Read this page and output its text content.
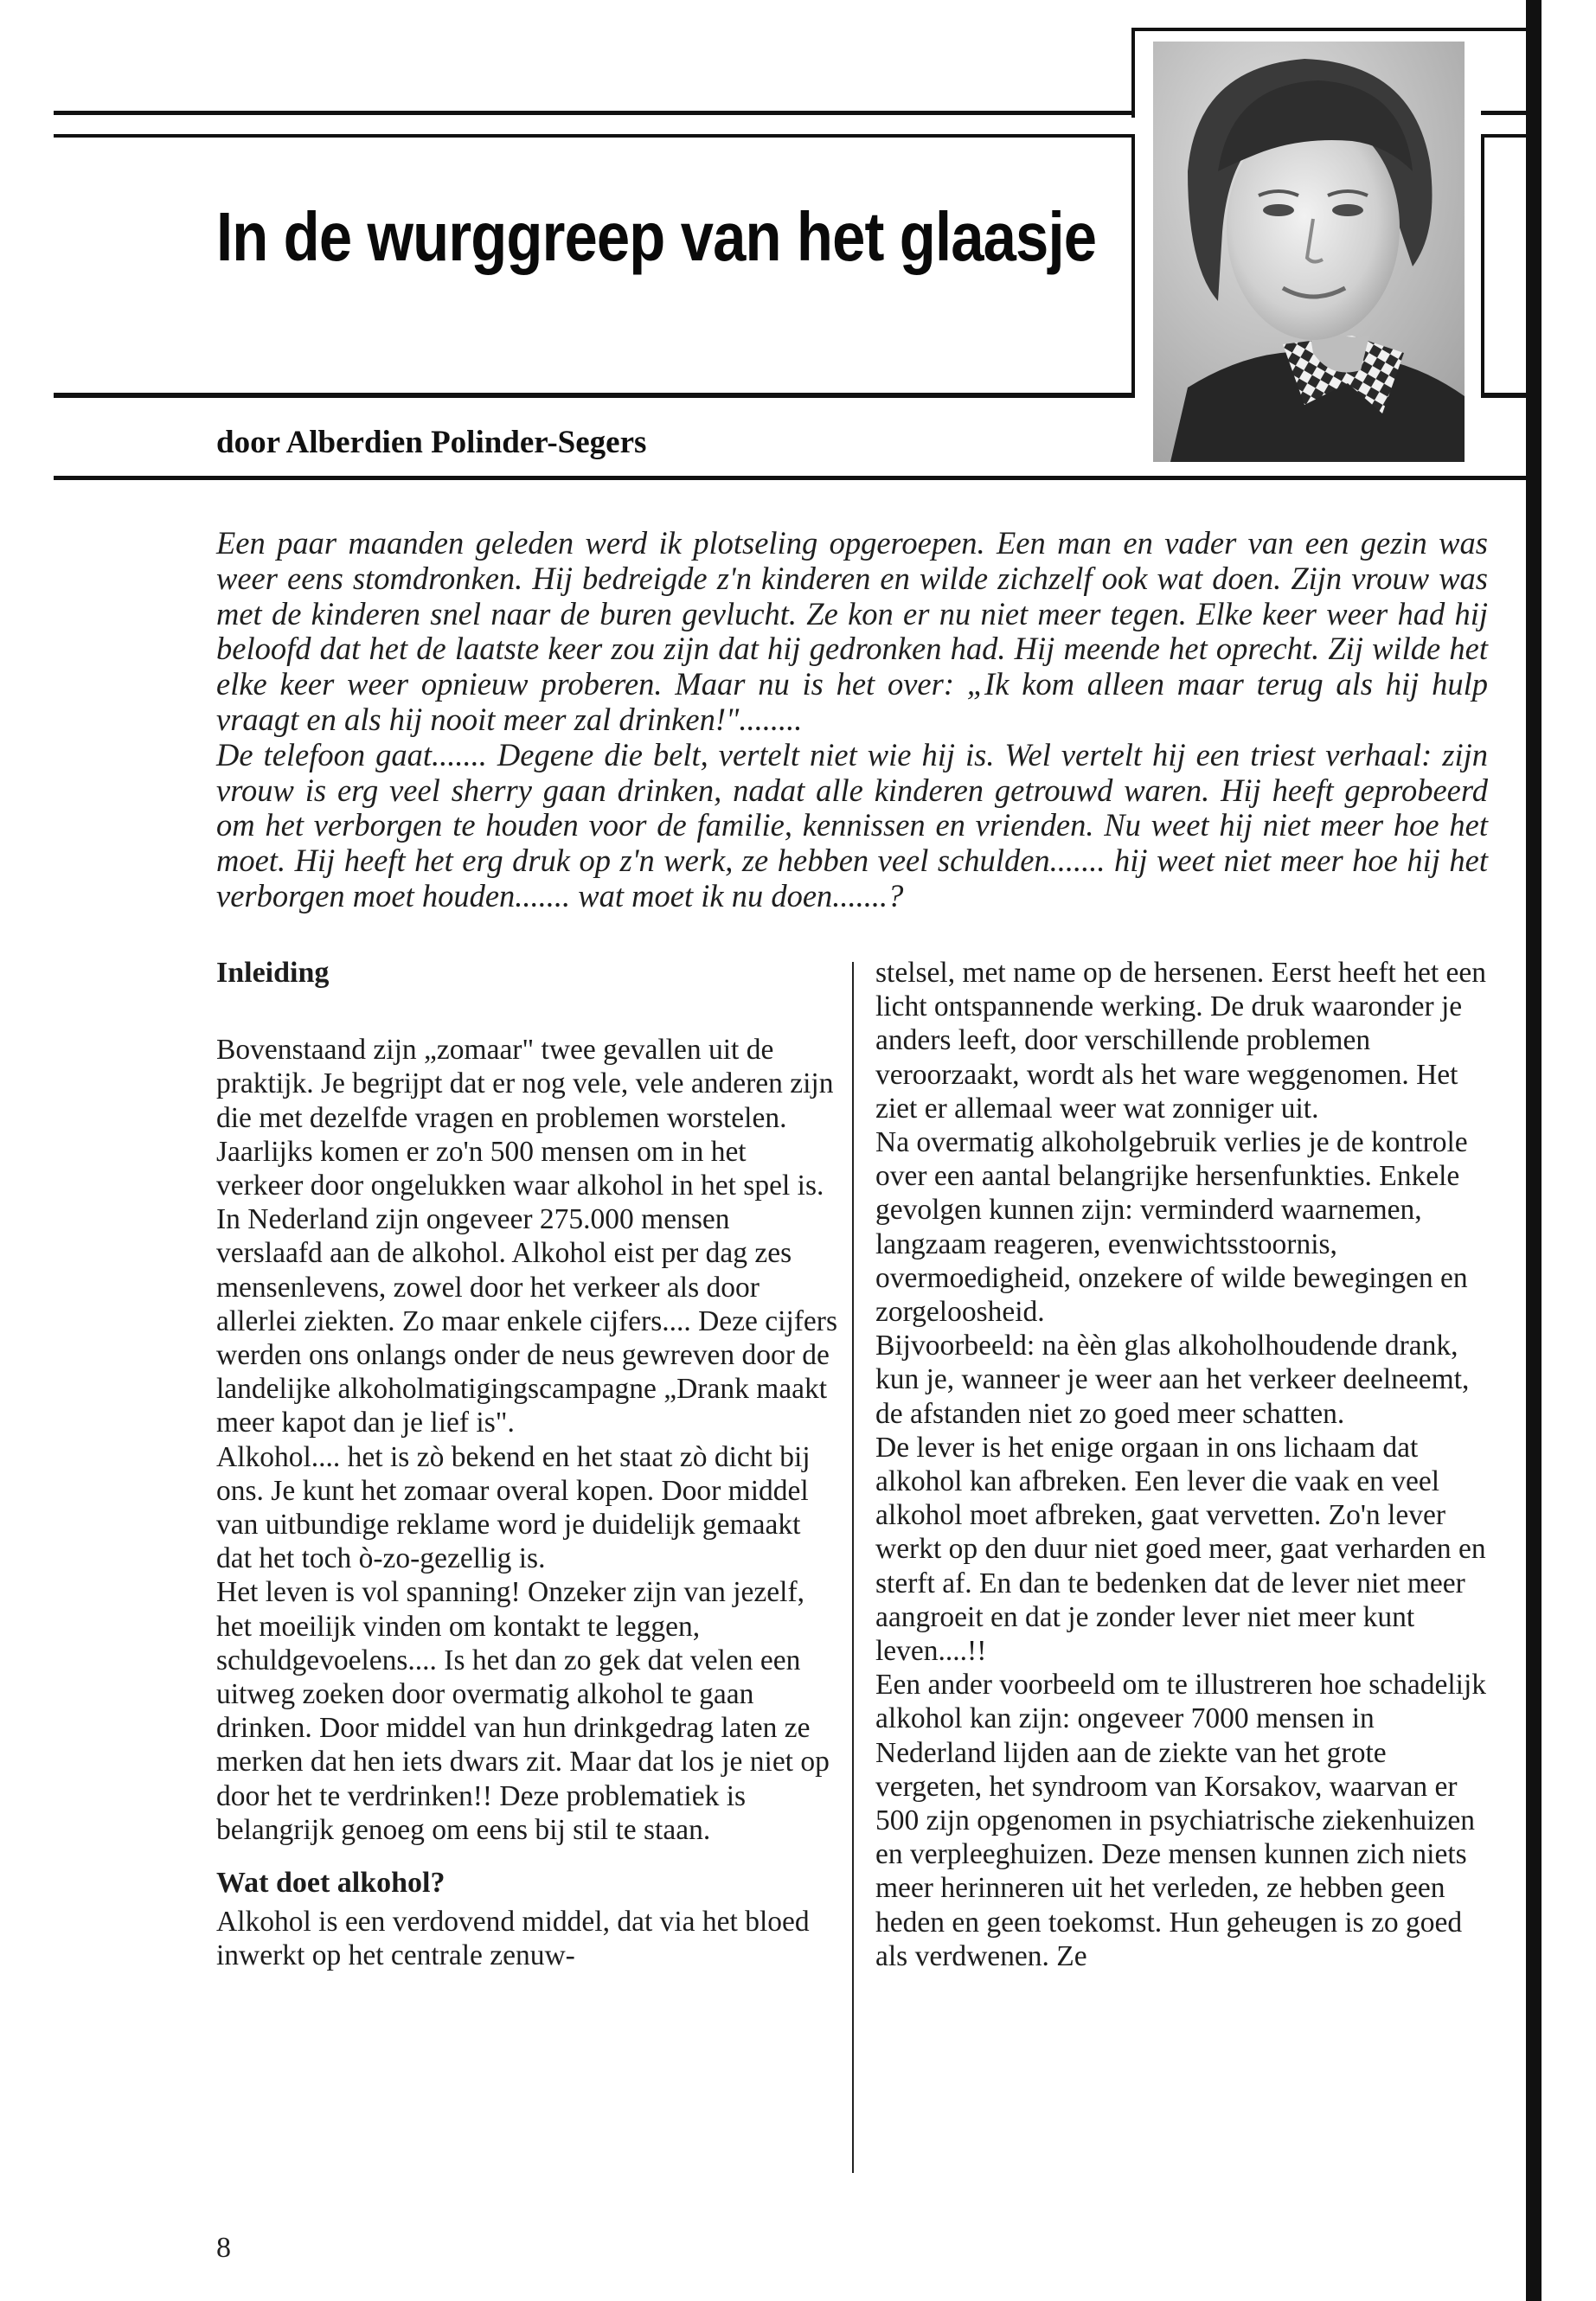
In de wurggreep van het glaasje
door Alberdien Polinder-Segers

Een paar maanden geleden werd ik plotseling opgeroepen. Een man en vader van een gezin was weer eens stomdronken. Hij bedreigde z'n kinderen en wilde zichzelf ook wat doen. Zijn vrouw was met de kinderen snel naar de buren gevlucht. Ze kon er nu niet meer tegen. Elke keer weer had hij beloofd dat het de laatste keer zou zijn dat hij gedronken had. Hij meende het oprecht. Zij wilde het elke keer weer opnieuw proberen. Maar nu is het over: „Ik kom alleen maar terug als hij hulp vraagt en als hij nooit meer zal drinken!"........

De telefoon gaat....... Degene die belt, vertelt niet wie hij is. Wel vertelt hij een triest verhaal: zijn vrouw is erg veel sherry gaan drinken, nadat alle kinderen getrouwd waren. Hij heeft geprobeerd om het verborgen te houden voor de familie, kennissen en vrienden. Nu weet hij niet meer hoe het moet. Hij heeft het erg druk op z'n werk, ze hebben veel schulden....... hij weet niet meer hoe hij het verborgen moet houden....... wat moet ik nu doen.......?

Inleiding

Bovenstaand zijn „zomaar" twee gevallen uit de praktijk. Je begrijpt dat er nog vele, vele anderen zijn die met dezelfde vragen en problemen worstelen. Jaarlijks komen er zo'n 500 mensen om in het verkeer door ongelukken waar alkohol in het spel is.

In Nederland zijn ongeveer 275.000 mensen verslaafd aan de alkohol. Alkohol eist per dag zes mensenlevens, zowel door het verkeer als door allerlei ziekten. Zo maar enkele cijfers.... Deze cijfers werden ons onlangs onder de neus gewreven door de landelijke alkoholmatigingscampagne „Drank maakt meer kapot dan je lief is".

Alkohol.... het is zò bekend en het staat zò dicht bij ons. Je kunt het zomaar overal kopen. Door middel van uitbundige reklame word je duidelijk gemaakt dat het toch ò-zo-gezellig is.

Het leven is vol spanning! Onzeker zijn van jezelf, het moeilijk vinden om kontakt te leggen, schuldgevoelens.... Is het dan zo gek dat velen een uitweg zoeken door overmatig alkohol te gaan drinken. Door middel van hun drinkgedrag laten ze merken dat hen iets dwars zit. Maar dat los je niet op door het te verdrinken!! Deze problematiek is belangrijk genoeg om eens bij stil te staan.

Wat doet alkohol?

Alkohol is een verdovend middel, dat via het bloed inwerkt op het centrale zenuw-

stelsel, met name op de hersenen. Eerst heeft het een licht ontspannende werking. De druk waaronder je anders leeft, door verschillende problemen veroorzaakt, wordt als het ware weggenomen. Het ziet er allemaal weer wat zonniger uit.

Na overmatig alkoholgebruik verlies je de kontrole over een aantal belangrijke hersenfunkties. Enkele gevolgen kunnen zijn: verminderd waarnemen, langzaam reageren, evenwichtsstoornis, overmoedigheid, onzekere of wilde bewegingen en zorgeloosheid.

Bijvoorbeeld: na èèn glas alkoholhoudende drank, kun je, wanneer je weer aan het verkeer deelneemt, de afstanden niet zo goed meer schatten.

De lever is het enige orgaan in ons lichaam dat alkohol kan afbreken. Een lever die vaak en veel alkohol moet afbreken, gaat vervetten. Zo'n lever werkt op den duur niet goed meer, gaat verharden en sterft af. En dan te bedenken dat de lever niet meer aangroeit en dat je zonder lever niet meer kunt leven....!!

Een ander voorbeeld om te illustreren hoe schadelijk alkohol kan zijn: ongeveer 7000 mensen in Nederland lijden aan de ziekte van het grote vergeten, het syndroom van Korsakov, waarvan er 500 zijn opgenomen in psychiatrische ziekenhuizen en verpleeghuizen. Deze mensen kunnen zich niets meer herinneren uit het verleden, ze hebben geen heden en geen toekomst. Hun geheugen is zo goed als verdwenen. Ze

8
